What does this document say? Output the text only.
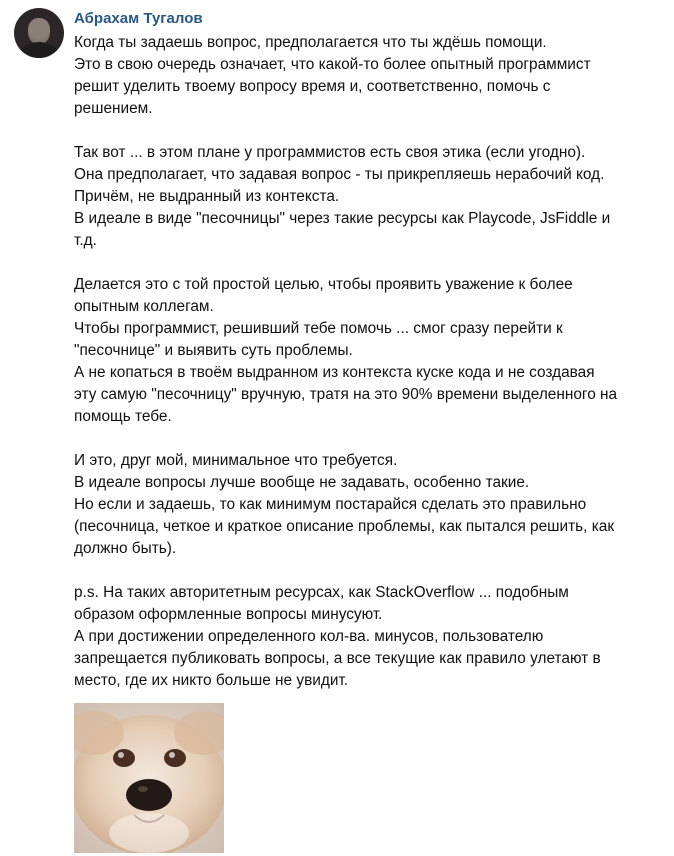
Абрахам Тугалов
Когда ты задаешь вопрос, предполагается что ты ждёшь помощи.
Это в свою очередь означает, что какой-то более опытный программист
решит уделить твоему вопросу время и, соответственно, помочь с
решением.
Так вот ... в этом плане у программистов есть своя этика (если угодно).
Она предполагает, что задавая вопрос - ты прикрепляешь нерабочий код.
Причём, не выдранный из контекста.
В идеале в виде "песочницы" через такие ресурсы как Playcode, JsFiddle и
т.д.
Делается это с той простой целью, чтобы проявить уважение к более
опытным коллегам.
Чтобы программист, решивший тебе помочь ... смог сразу перейти к
"песочнице" и выявить суть проблемы.
А не копаться в твоём выдранном из контекста куске кода и не создавая
эту самую "песочницу" вручную, тратя на это 90% времени выделенного на
помощь тебе.
И это, друг мой, минимальное что требуется.
В идеале вопросы лучше вообще не задавать, особенно такие.
Но если и задаешь, то как минимум постарайся сделать это правильно
(песочница, четкое и краткое описание проблемы, как пытался решить, как
должно быть).
p.s. На таких авторитетным ресурсах, как StackOverflow ... подобным
образом оформленные вопросы минусуют.
А при достижении определенного кол-ва. минусов, пользователю
запрещается публиковать вопросы, а все текущие как правило улетают в
место, где их никто больше не увидит.
